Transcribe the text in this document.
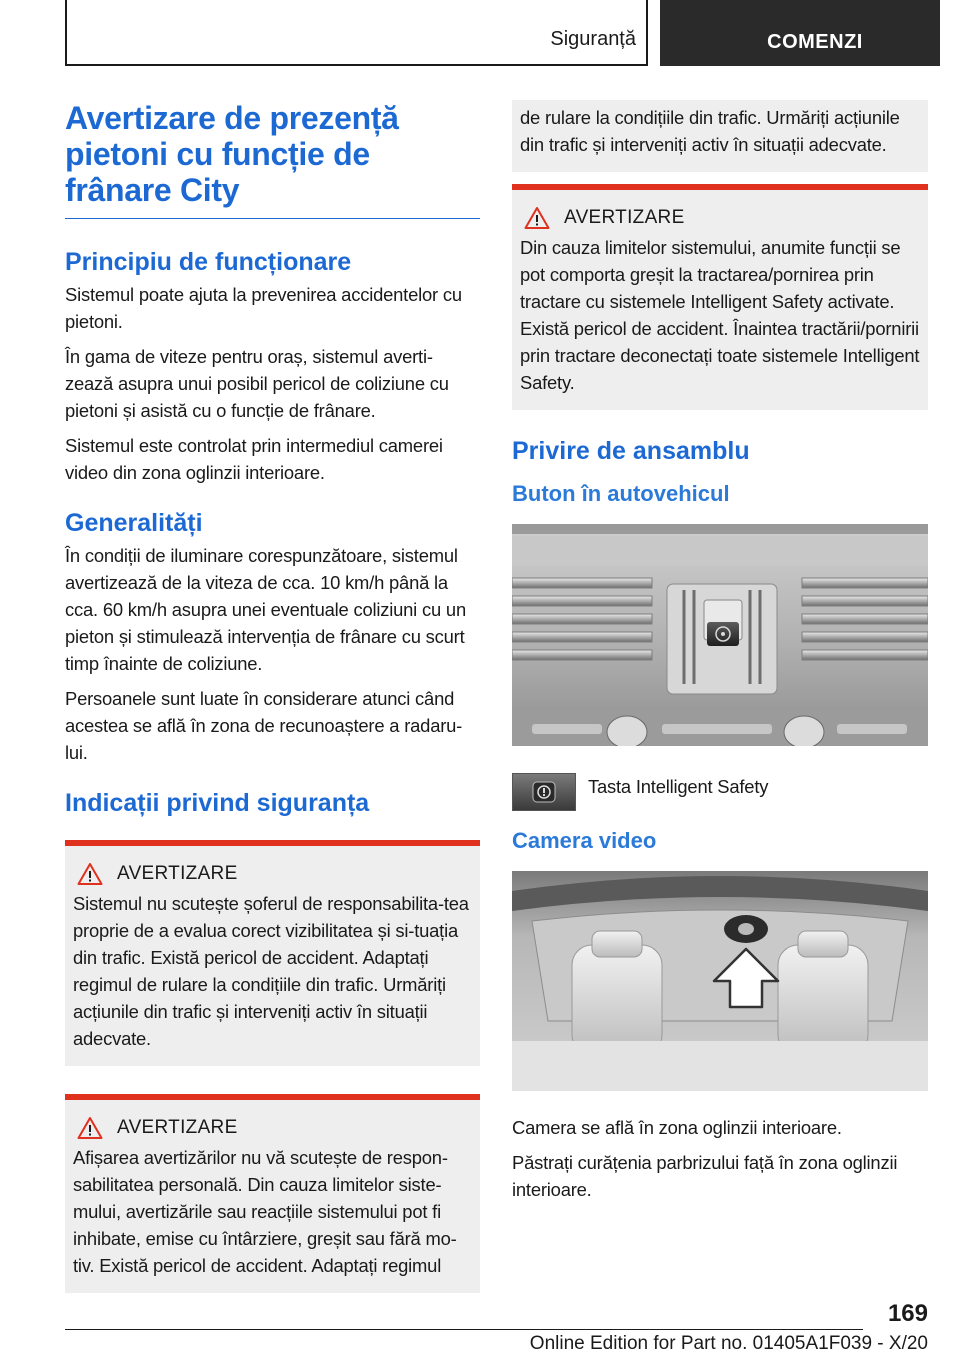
Siguranță	COMENZI
Avertizare de prezență pietoni cu funcție de frânare City
Principiu de funcționare

Sistemul poate ajuta la prevenirea accidentelor cu pietoni.

În gama de viteze pentru oraș, sistemul averti-zează asupra unui posibil pericol de coliziune cu pietoni și asistă cu o funcție de frânare.

Sistemul este controlat prin intermediul camerei video din zona oglinzii interioare.

Generalități

În condiții de iluminare corespunzătoare, sistemul avertizează de la viteza de cca. 10 km/h până la cca. 60 km/h asupra unei eventuale coliziuni cu un pieton și stimulează intervenția de frânare cu scurt timp înainte de coliziune.

Persoanele sunt luate în considerare atunci când acestea se află în zona de recunoaștere a radaru-lui.

Indicații privind siguranța
AVERTIZARE
Sistemul nu scutește șoferul de responsabilita-tea proprie de a evalua corect vizibilitatea și si-tuația din trafic. Există pericol de accident. Adaptați regimul de rulare la condițiile din trafic. Urmăriți acțiunile din trafic și interveniți activ în situații adecvate.
AVERTIZARE
Afișarea avertizărilor nu vă scutește de respon-sabilitatea personală. Din cauza limitelor siste-mului, avertizările sau reacțiile sistemului pot fi inhibate, emise cu întârziere, greșit sau fără mo-tiv. Există pericol de accident. Adaptați regimul
de rulare la condițiile din trafic. Urmăriți acțiunile din trafic și interveniți activ în situații adecvate.
AVERTIZARE
Din cauza limitelor sistemului, anumite funcții se pot comporta greșit la tractarea/pornirea prin tractare cu sistemele Intelligent Safety activate. Există pericol de accident. Înaintea tractării/pornirii prin tractare deconectați toate sistemele Intelligent Safety.
Privire de ansamblu
Buton în autovehicul

Tasta Intelligent Safety

Camera video

Camera se află în zona oglinzii interioare.

Păstrați curățenia parbrizului față în zona oglinzii interioare.

169
Online Edition for Part no. 01405A1F039 - X/20
